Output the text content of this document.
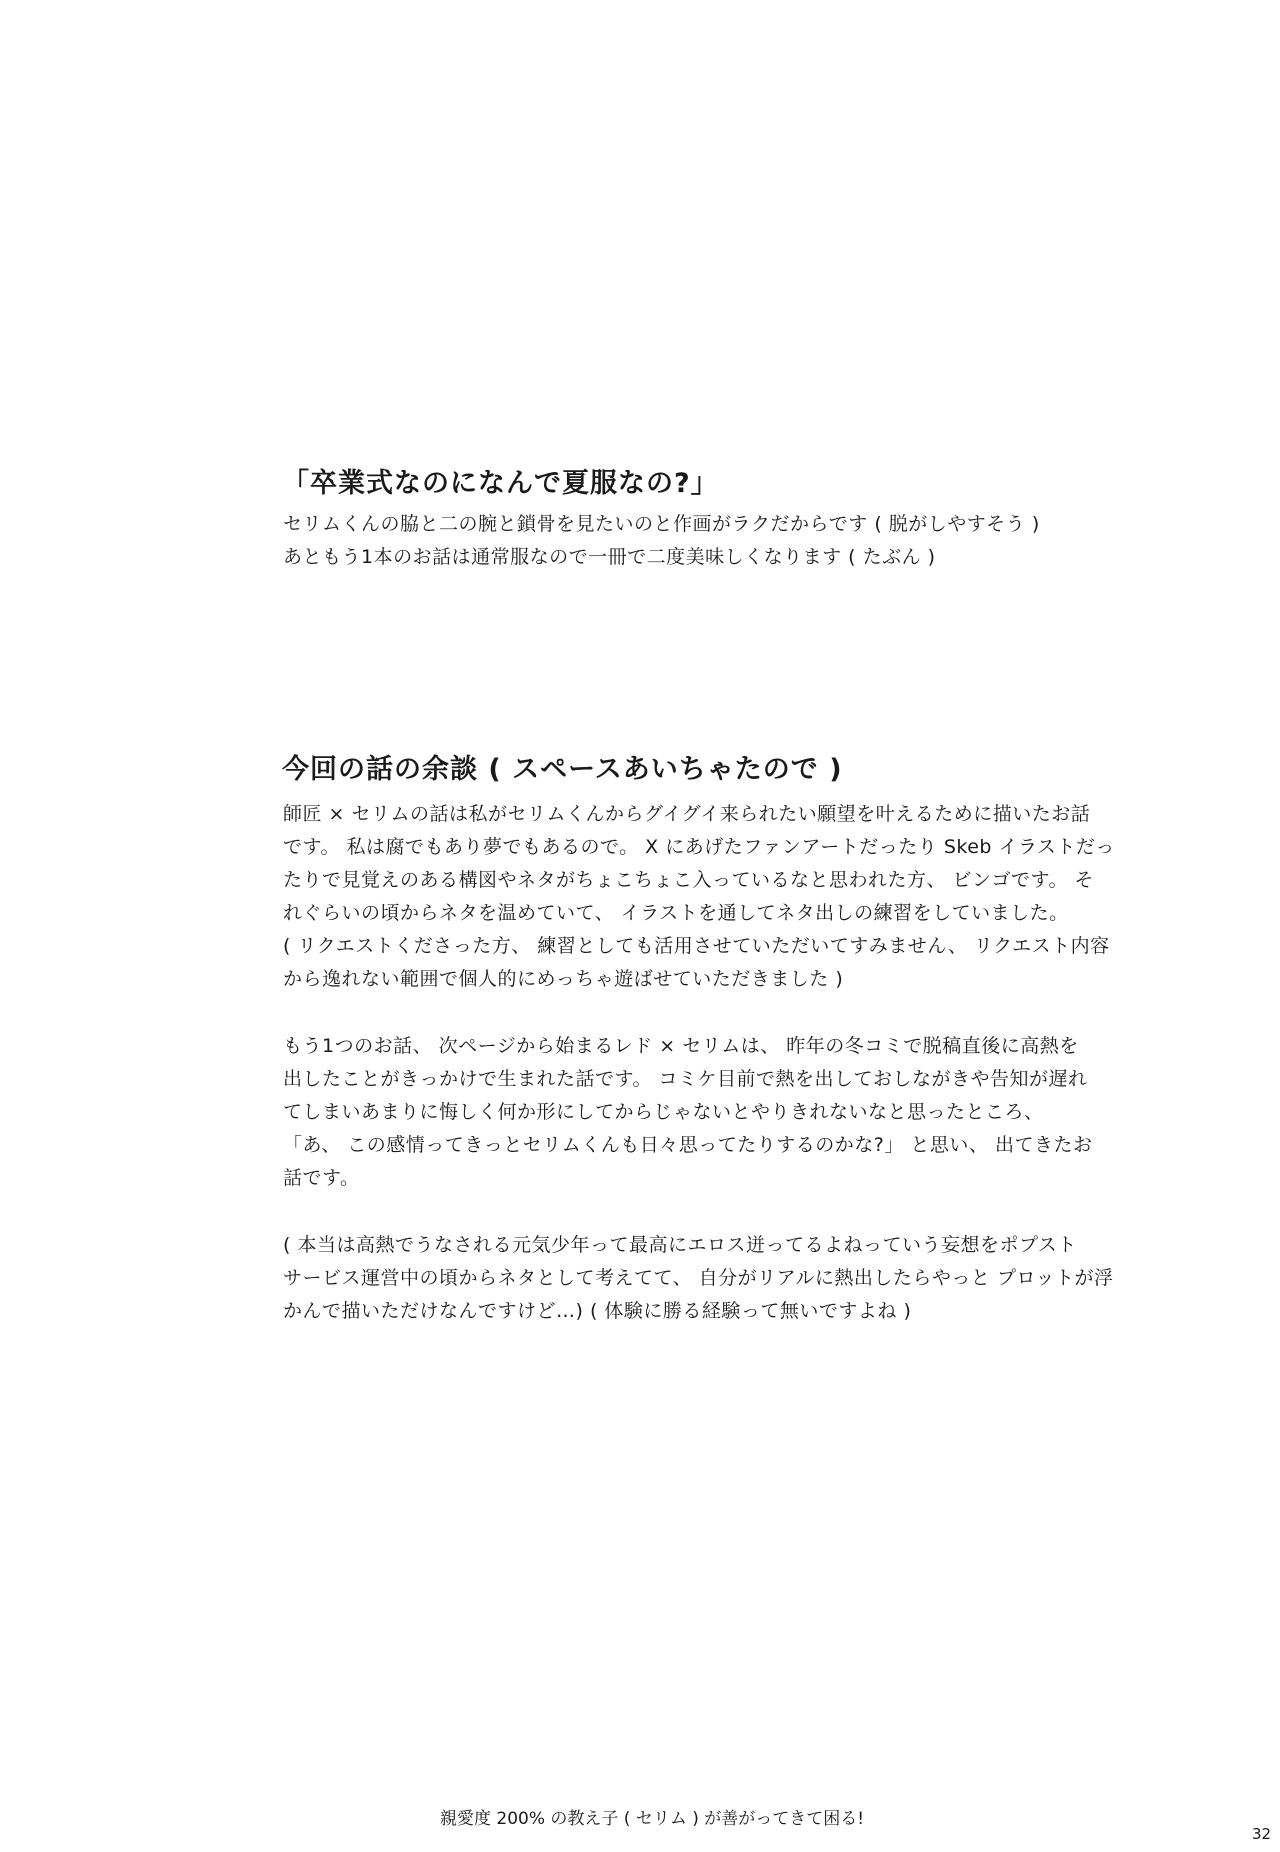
「卒業式なのになんで夏服なの?」

セリムくんの脇と二の腕と鎖骨を見たいのと作画がラクだからです ( 脱がしやすそう )

あともう1本のお話は通常服なので一冊で二度美味しくなります ( たぶん )

今回の話の余談 ( スペースあいちゃたので )

師匠 × セリムの話は私がセリムくんからグイグイ来られたい願望を叶えるために描いたお話

です。 私は腐でもあり夢でもあるので。 X にあげたファンアートだったり Skeb イラストだっ

たりで見覚えのある構図やネタがちょこちょこ入っているなと思われた方、 ビンゴです。 そ

れぐらいの頃からネタを温めていて、 イラストを通してネタ出しの練習をしていました。

( リクエストくださった方、 練習としても活用させていただいてすみません、 リクエスト内容

から逸れない範囲で個人的にめっちゃ遊ばせていただきました )

もう1つのお話、 次ページから始まるレド × セリムは、 昨年の冬コミで脱稿直後に高熱を

出したことがきっかけで生まれた話です。 コミケ目前で熱を出しておしながきや告知が遅れ

てしまいあまりに悔しく何か形にしてからじゃないとやりきれないなと思ったところ、

「あ、 この感情ってきっとセリムくんも日々思ってたりするのかな?」 と思い、 出てきたお

話です。

( 本当は高熱でうなされる元気少年って最高にエロス迸ってるよねっていう妄想をポプスト

サービス運営中の頃からネタとして考えてて、 自分がリアルに熱出したらやっと プロットが浮

かんで描いただけなんですけど…) ( 体験に勝る経験って無いですよね )

親愛度 200% の教え子 ( セリム ) が善がってきて困る!

32
